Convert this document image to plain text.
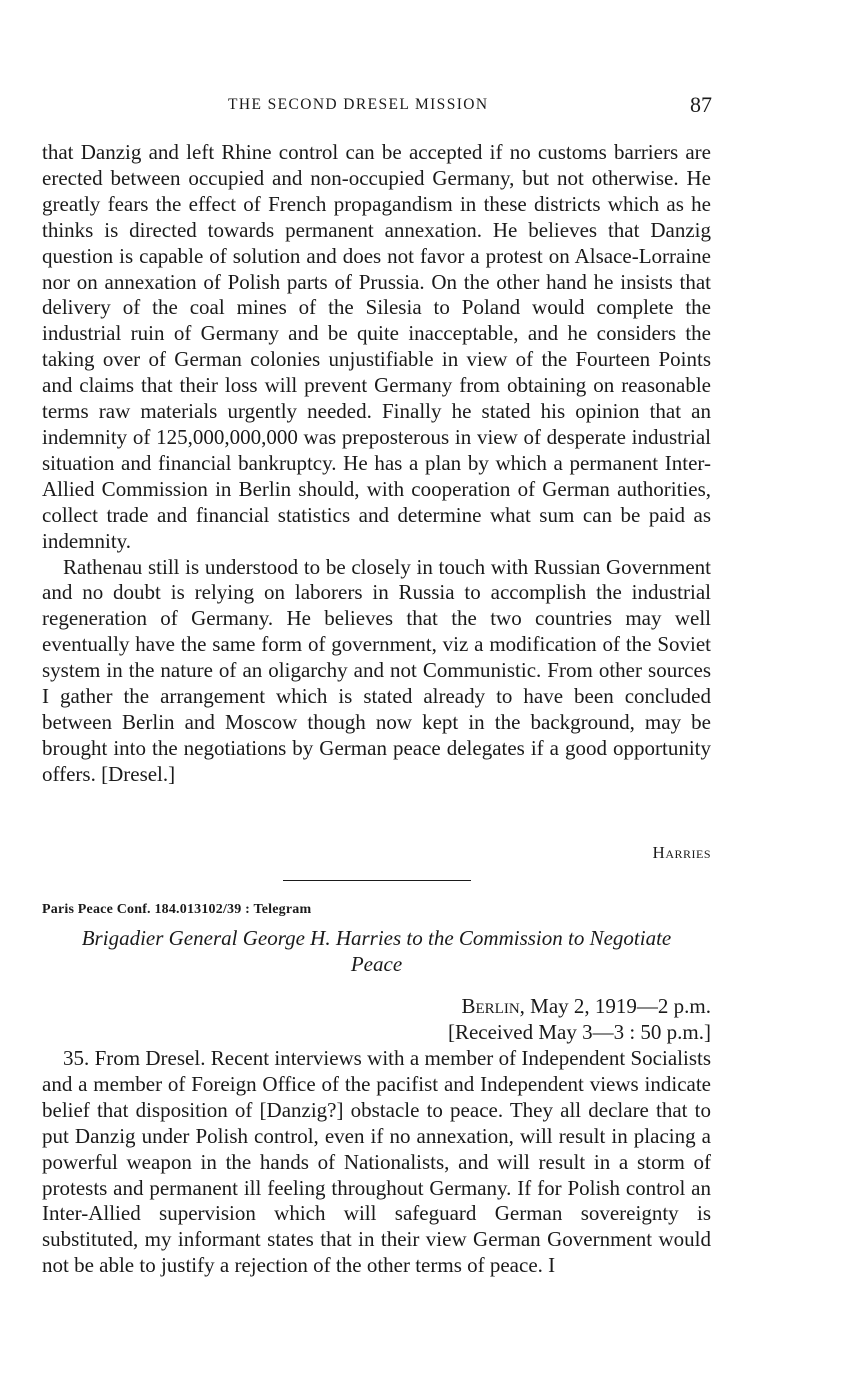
THE SECOND DRESEL MISSION	87

that Danzig and left Rhine control can be accepted if no customs barriers are erected between occupied and non-occupied Germany, but not otherwise. He greatly fears the effect of French propagandism in these districts which as he thinks is directed towards permanent annexation. He believes that Danzig question is capable of solution and does not favor a protest on Alsace-Lorraine nor on annexation of Polish parts of Prussia. On the other hand he insists that delivery of the coal mines of the Silesia to Poland would complete the industrial ruin of Germany and be quite inacceptable, and he considers the taking over of German colonies unjustifiable in view of the Fourteen Points and claims that their loss will prevent Germany from obtaining on reasonable terms raw materials urgently needed. Finally he stated his opinion that an indemnity of 125,000,000,000 was preposterous in view of desperate industrial situation and financial bankruptcy. He has a plan by which a permanent Inter-Allied Commission in Berlin should, with cooperation of German authorities, collect trade and financial statistics and determine what sum can be paid as indemnity.

Rathenau still is understood to be closely in touch with Russian Government and no doubt is relying on laborers in Russia to accomplish the industrial regeneration of Germany. He believes that the two countries may well eventually have the same form of government, viz a modification of the Soviet system in the nature of an oligarchy and not Communistic. From other sources I gather the arrangement which is stated already to have been concluded between Berlin and Moscow though now kept in the background, may be brought into the negotiations by German peace delegates if a good opportunity offers. [Dresel.]

Harries
Paris Peace Conf. 184.013102/39 : Telegram
Brigadier General George H. Harries to the Commission to Negotiate Peace
Berlin, May 2, 1919—2 p.m.
[Received May 3—3 : 50 p.m.]

35. From Dresel. Recent interviews with a member of Independent Socialists and a member of Foreign Office of the pacifist and Independent views indicate belief that disposition of [Danzig?] obstacle to peace. They all declare that to put Danzig under Polish control, even if no annexation, will result in placing a powerful weapon in the hands of Nationalists, and will result in a storm of protests and permanent ill feeling throughout Germany. If for Polish control an Inter-Allied supervision which will safeguard German sovereignty is substituted, my informant states that in their view German Government would not be able to justify a rejection of the other terms of peace. I
